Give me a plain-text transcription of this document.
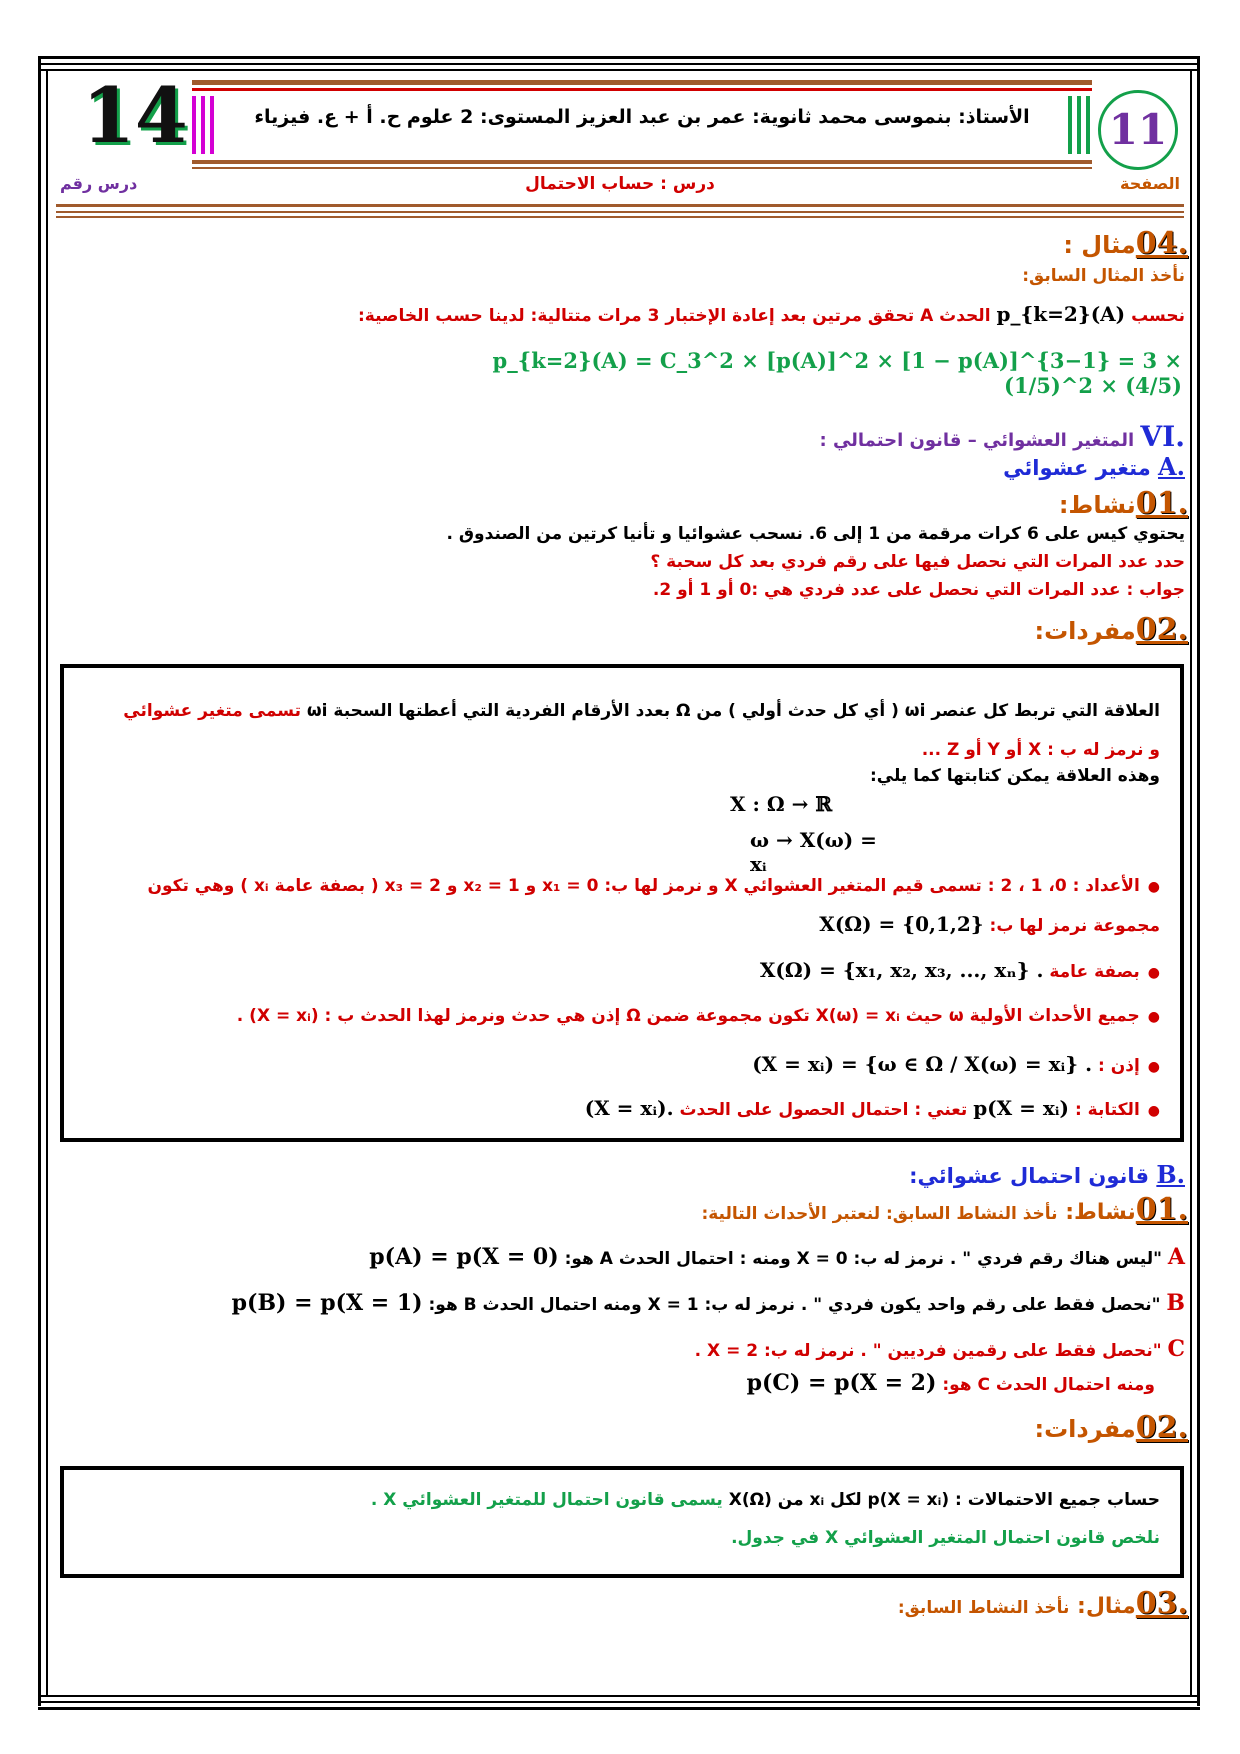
14	11
الأستاذ: بنموسى محمد ثانوية: عمر بن عبد العزيز المستوى: 2 علوم ح. أ + ع. فيزياء
الصفحة
درس رقم	درس : حساب الاحتمال
.04مثال :
نأخذ المثال السابق:
نحسب p_{k=2}(A) الحدث A تحقق مرتين بعد إعادة الإختبار 3 مرات متتالية: لدينا حسب الخاصية:
p_{k=2}(A) = C_3^2 × [p(A)]^2 × [1 − p(A)]^{3−1} = 3 × (1/5)^2 × (4/5)
VI. المتغير العشوائي – قانون احتمالي :
A. متغير عشوائي
.01نشاط:
يحتوي كيس على 6 كرات مرقمة من 1 إلى 6. نسحب عشوائيا و تأنيا كرتين من الصندوق .
حدد عدد المرات التي نحصل فيها على رقم فردي بعد كل سحبة ؟
جواب : عدد المرات التي نحصل على عدد فردي هي :0 أو 1 أو 2.
.02مفردات:
العلاقة التي تربط كل عنصر ωi ( أي كل حدث أولي ) من Ω بعدد الأرقام الفردية التي أعطتها السحبة ωi تسمى متغير عشوائي
و نرمز له ب : X أو Y أو Z ...
وهذه العلاقة يمكن كتابتها كما يلي:
X : Ω → ℝ
ω → X(ω) = xᵢ
●الأعداد : 0، 1 ، 2 : تسمى قيم المتغير العشوائي X و نرمز لها ب: x₁ = 0 و x₂ = 1 و x₃ = 2 ( بصفة عامة xᵢ ) وهي تكون
مجموعة نرمز لها ب: X(Ω) = {0,1,2}
●بصفة عامة X(Ω) = {x₁, x₂, x₃, ..., xₙ} .
●جميع الأحداث الأولية ω حيث X(ω) = xᵢ تكون مجموعة ضمن Ω إذن هي حدث ونرمز لهذا الحدث ب : (X = xᵢ) .
●إذن : (X = xᵢ) = {ω ∈ Ω / X(ω) = xᵢ} .
●الكتابة : p(X = xᵢ) تعني : احتمال الحصول على الحدث (X = xᵢ).
B. قانون احتمال عشوائي:
.01نشاط: نأخذ النشاط السابق: لنعتبر الأحداث التالية:
A "ليس هناك رقم فردي " . نرمز له ب: X = 0 ومنه : احتمال الحدث A هو: p(A) = p(X = 0)
B "نحصل فقط على رقم واحد يكون فردي " . نرمز له ب: X = 1 ومنه احتمال الحدث B هو: p(B) = p(X = 1)
C "نحصل فقط على رقمين فرديين " . نرمز له ب: X = 2 .
ومنه احتمال الحدث C هو: p(C) = p(X = 2)
.02مفردات:
حساب جميع الاحتمالات : p(X = xᵢ) لكل xᵢ من X(Ω) يسمى قانون احتمال للمتغير العشوائي X .
نلخص قانون احتمال المتغير العشوائي X في جدول.
.03مثال: نأخذ النشاط السابق:
